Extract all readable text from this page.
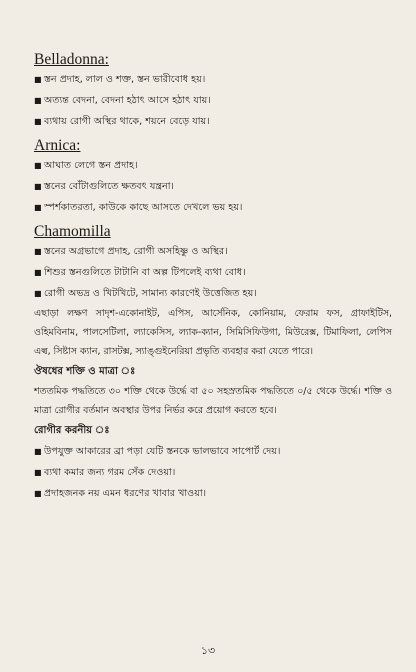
Belladonna:

■ স্তন প্রদাহ, লাল ও শক্ত, স্তন ভারীবোধ হয়।

■ অত্যন্ত বেদনা, বেদনা হঠাৎ আসে হঠাৎ যায়।

■ ব্যথায় রোগী অস্থির থাকে, শয়নে বেড়ে যায়।

Arnica:

■ আঘাত লেগে স্তন প্রদাহ।

■ স্তনের বোঁটাগুলিতে ক্ষতবৎ যন্ত্রনা।

■ স্পর্শকাতরতা, কাউকে কাছে আসতে দেখলে ভয় হয়।

Chamomilla

■ স্তনের অগ্রভাগে প্রদাহ, রোগী অসহিষ্ণু ও অস্থির।

■ শিশুর স্তনগুলিতে টাটানি বা অল্প টিপলেই ব্যথা বোধ।

■ রোগী অভদ্র ও খিটখিটে, সামান্য কারণেই উত্তেজিত হয়।

এছাড়া লক্ষণ সাদৃশ-একোনাইট, এপিস, আর্সেনিক, কোনিয়াম, ফেরাম ফস, গ্রাফাইটিস, ওহিমবিনাম, পালসেটিলা, ল্যাকেসিস, ল্যাক-ক্যান, সিমিসিফিউগা, মিউরেক্স, টিমাফিলা, লেপিস এল্ব, সিষ্টাস ক্যান, রাসটক্স, স্যাঙ্গুইনেরিয়া প্রভৃতি ব্যবহার করা যেতে পারে।

ঔষধের শক্তি ও মাত্রা ঃ

শততমিক পদ্ধতিতে ৩০ শক্তি থেকে উর্দ্ধে বা ৫০ সহস্রতমিক পদ্ধতিতে ০/৫ থেকে উর্দ্ধে। শক্তি ও মাত্রা রোগীর বর্তমান অবস্থার উপর নির্ভর করে প্রয়োগ করতে হবে।

রোগীর করনীয় ঃ

■ উপযুক্ত আকারের ব্রা পড়া যেটি স্তনকে ভালভাবে সাপোর্ট দেয়।

■ ব্যথা কমার জন্য গরম সেঁক দেওয়া।

■ প্রদাহজনক নয় এমন ধরণের খাবার খাওয়া।

১৩
